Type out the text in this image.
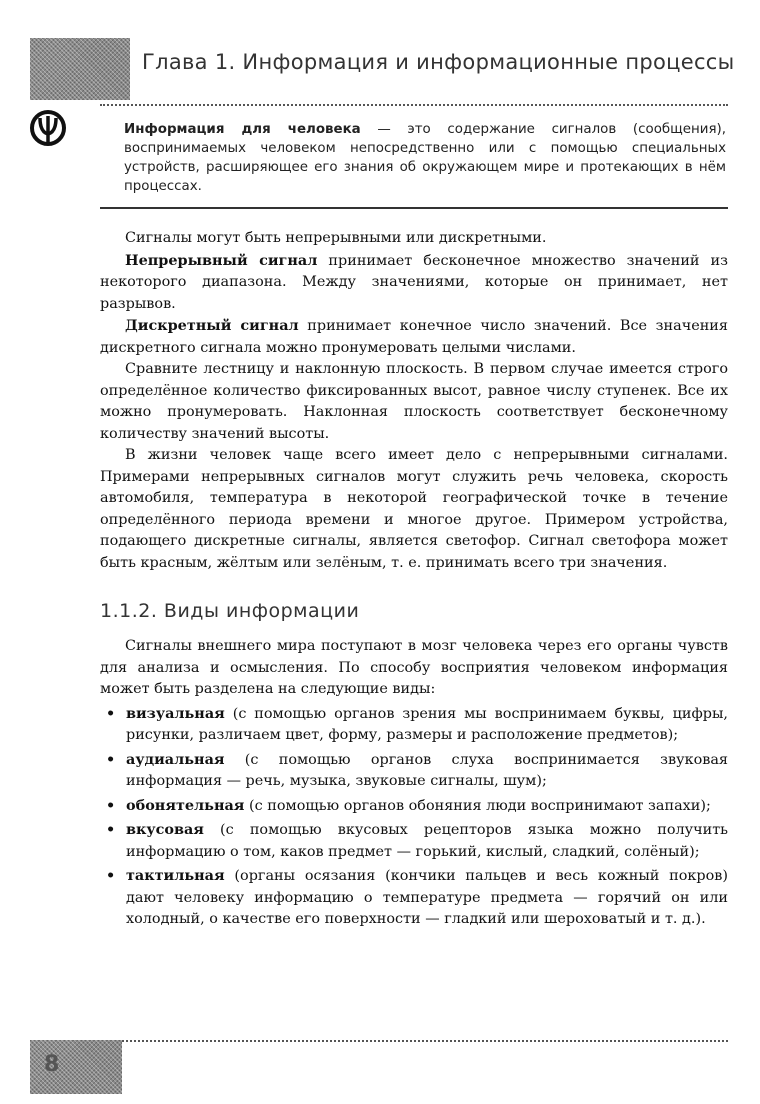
Глава 1. Информация и информационные процессы
Информация для человека — это содержание сигналов (сообщения), воспринимаемых человеком непосредственно или с помощью специальных устройств, расширяющее его знания об окружающем мире и протекающих в нём процессах.

Сигналы могут быть непрерывными или дискретными.

Непрерывный сигнал принимает бесконечное множество значений из некоторого диапазона. Между значениями, которые он принимает, нет разрывов.

Дискретный сигнал принимает конечное число значений. Все значения дискретного сигнала можно пронумеровать целыми числами.

Сравните лестницу и наклонную плоскость. В первом случае имеется строго определённое количество фиксированных высот, равное числу ступенек. Все их можно пронумеровать. Наклонная плоскость соответствует бесконечному количеству значений высоты.

В жизни человек чаще всего имеет дело с непрерывными сигналами. Примерами непрерывных сигналов могут служить речь человека, скорость автомобиля, температура в некоторой географической точке в течение определённого периода времени и многое другое. Примером устройства, подающего дискретные сигналы, является светофор. Сигнал светофора может быть красным, жёлтым или зелёным, т. е. принимать всего три значения.

1.1.2. Виды информации

Сигналы внешнего мира поступают в мозг человека через его органы чувств для анализа и осмысления. По способу восприятия человеком информация может быть разделена на следующие виды:

• визуальная (с помощью органов зрения мы воспринимаем буквы, цифры, рисунки, различаем цвет, форму, размеры и расположение предметов);
• аудиальная (с помощью органов слуха воспринимается звуковая информация — речь, музыка, звуковые сигналы, шум);
• обонятельная (с помощью органов обоняния люди воспринимают запахи);
• вкусовая (с помощью вкусовых рецепторов языка можно получить информацию о том, каков предмет — горький, кислый, сладкий, солёный);
• тактильная (органы осязания (кончики пальцев и весь кожный покров) дают человеку информацию о температуре предмета — горячий он или холодный, о качестве его поверхности — гладкий или шероховатый и т. д.).
8
